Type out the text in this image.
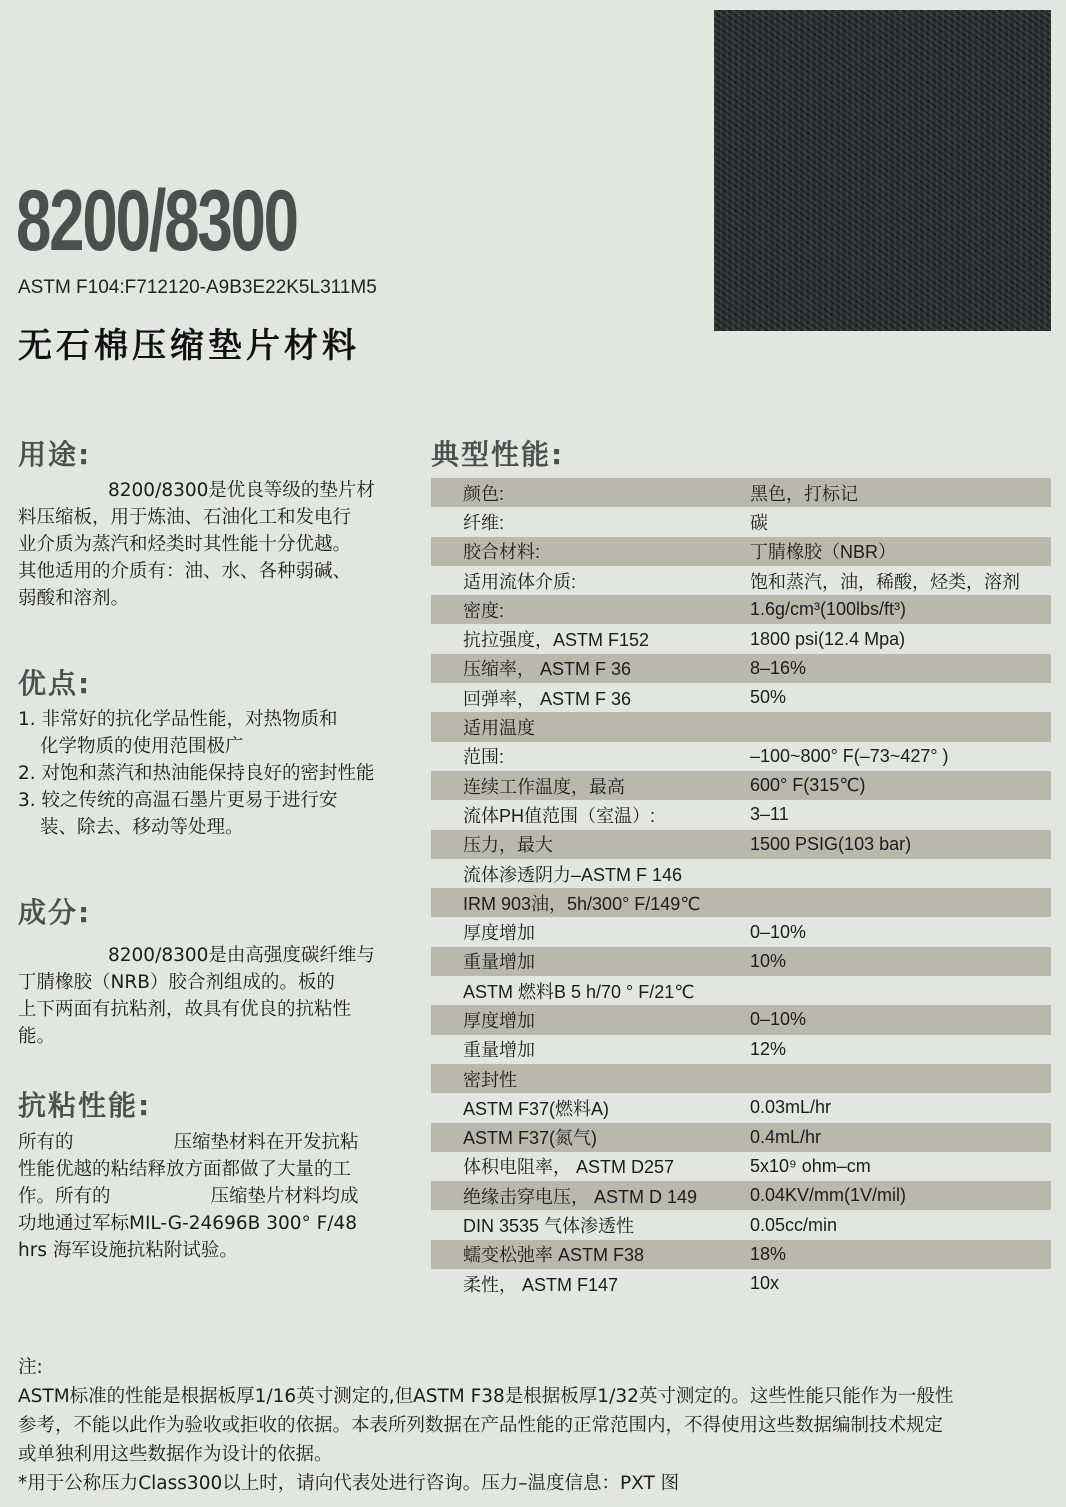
8200/8300
ASTM F104:F712120-A9B3E22K5L311M5
无石棉压缩垫片材料
用途:
8200/8300是优良等级的垫片材
料压缩板，用于炼油、石油化工和发电行
业介质为蒸汽和烃类时其性能十分优越。
其他适用的介质有：油、水、各种弱碱、
弱酸和溶剂。
优点:
1. 非常好的抗化学品性能，对热物质和
化学物质的使用范围极广
2. 对饱和蒸汽和热油能保持良好的密封性能
3. 较之传统的高温石墨片更易于进行安
装、除去、移动等处理。
成分:
8200/8300是由高强度碳纤维与
丁腈橡胶（NRB）胶合剂组成的。板的
上下两面有抗粘剂，故具有优良的抗粘性
能。
抗粘性能:
所有的	压缩垫材料在开发抗粘
性能优越的粘结释放方面都做了大量的工
作。所有的	压缩垫片材料均成
功地通过军标MIL-G-24696B 300° F/48
hrs 海军设施抗粘附试验。
典型性能:
颜色:	黑色，打标记
纤维:	碳
胶合材料:	丁腈橡胶（NBR）
适用流体介质:	饱和蒸汽，油，稀酸，烃类，溶剂
密度:	1.6g/cm³(100lbs/ft³)
抗拉强度，ASTM F152	1800 psi(12.4 Mpa)
压缩率， ASTM F 36	8–16%
回弹率， ASTM F 36	50%
适用温度
范围:	–100~800° F(–73~427° )
连续工作温度，最高	600° F(315℃)
流体PH值范围（室温）:	3–11
压力，最大	1500 PSIG(103 bar)
流体渗透阴力–ASTM F 146
IRM 903油，5h/300° F/149℃
厚度增加	0–10%
重量增加	10%
ASTM 燃料B 5 h/70 ° F/21℃
厚度增加	0–10%
重量增加	12%
密封性
ASTM F37(燃料A)	0.03mL/hr
ASTM F37(氮气)	0.4mL/hr
体积电阻率， ASTM D257	5x10⁹ ohm–cm
绝缘击穿电压， ASTM D 149	0.04KV/mm(1V/mil)
DIN 3535 气体渗透性	0.05cc/min
蠕变松弛率 ASTM F38	18%
柔性， ASTM F147	10x
注:
ASTM标准的性能是根据板厚1/16英寸测定的,但ASTM F38是根据板厚1/32英寸测定的。这些性能只能作为一般性
参考，不能以此作为验收或拒收的依据。本表所列数据在产品性能的正常范围内，不得使用这些数据编制技术规定
或单独利用这些数据作为设计的依据。
*用于公称压力Class300以上时，请向代表处进行咨询。压力–温度信息：PXT 图
